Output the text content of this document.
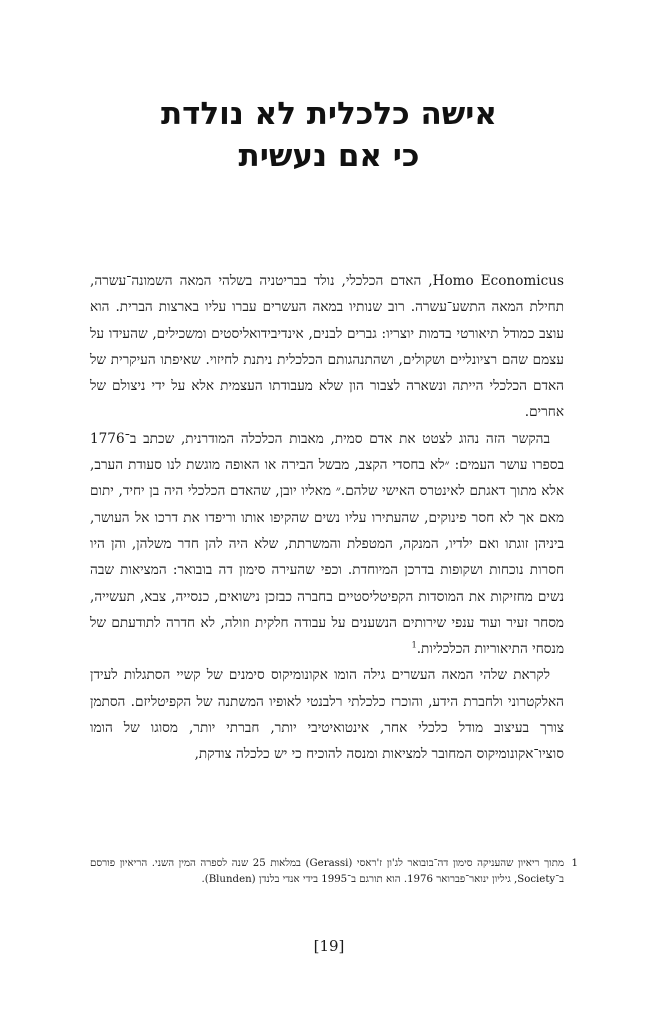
אישה כלכלית לא נולדת
כי אם נעשית

Homo Economicus, האדם הכלכלי, נולד בבריטניה בשלהי המאה השמונה־עשרה, תחילת המאה התשע־עשרה. רוב שנותיו במאה העשרים עברו עליו בארצות הברית. הוא עוצב כמודל תיאורטי בדמות יוצריו: גברים לבנים, אינדיבידואליסטים ומשכילים, שהעידו על עצמם שהם רציונליים ושקולים, ושהתנהגותם הכלכלית ניתנת לחיזוי. שאיפתו העיקרית של האדם הכלכלי הייתה ונשארה לצבור הון שלא מעבודתו העצמית אלא על ידי ניצולם של אחרים.

בהקשר הזה נהוג לצטט את אדם סמית, מאבות הכלכלה המודרנית, שכתב ב־1776 בספרו עושר העמים: ״לא בחסדי הקצב, מבשל הבירה או האופה מוגשת לנו סעודת הערב, אלא מתוך דאגתם לאינטרס האישי שלהם.״ מאליו יובן, שהאדם הכלכלי היה בן יחיד, יתום מאם אך לא חסר פינוקים, שהעתירו עליו נשים שהקיפו אותו וריפדו את דרכו אל העושר, ביניהן זוגתו ואם ילדיו, המנקה, המטפלת והמשרתת, שלא היה להן חדר משלהן, והן היו חסרות נוכחות ושקופות בדרכן המיוחדת. וכפי שהעירה סימון דה בובואר: המציאות שבה נשים מחזיקות את המוסדות הקפיטליסטיים בחברה כבזכן נישואים, כנסייה, צבא, תעשייה, מסחר זעיר ועוד ענפי שירותים הנשענים על עבודה חלקית וזולה, לא חדרה לתודעתם של מנסחי התיאוריות הכלכליות.$^1$

לקראת שלהי המאה העשרים גילה הומו אקונומיקוס סימנים של קשיי הסתגלות לעידן האלקטרוני ולחברת הידע, והוכרז כלכלתי רלבנטי לאופיו המשתנה של הקפיטליזם. הסתמן צורך בעיצוב מודל כלכלי אחר, אינטואיטיבי יותר, חברתי יותר, מסוגו של הומו סוציו־אקונומיקוס המחובר למציאות ומנסה להוכיח כי יש כלכלה צודקת,

1
מתוך ריאיון שהעניקה סימון דה־בובואר לג'ון ז'ראסי (Gerassi) במלאות 25 שנה לספרה המין השני. הריאיון פורסם ב־Society, גיליון ינואר־פברואר 1976. הוא תורגם ב־1995 בידי אנדי בלנדן (Blunden).
[19]
